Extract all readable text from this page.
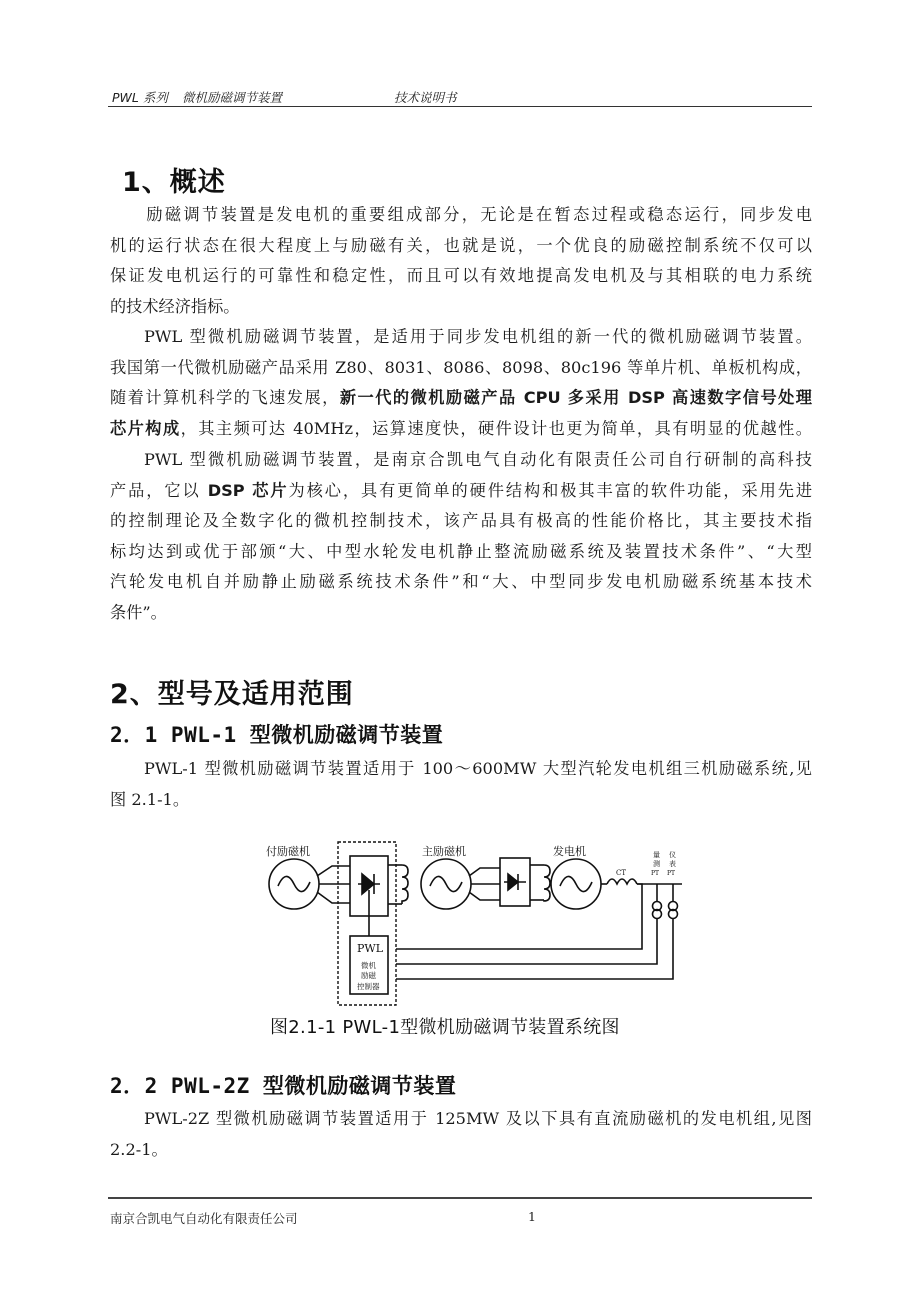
PWL 系列 微机励磁调节装置	技术说明书
1、概述
励磁调节装置是发电机的重要组成部分，无论是在暂态过程或稳态运行，同步发电
机的运行状态在很大程度上与励磁有关，也就是说，一个优良的励磁控制系统不仅可以
保证发电机运行的可靠性和稳定性，而且可以有效地提高发电机及与其相联的电力系统
的技术经济指标。
PWL 型微机励磁调节装置，是适用于同步发电机组的新一代的微机励磁调节装置。
我国第一代微机励磁产品采用 Z80、8031、8086、8098、80c196 等单片机、单板机构成，
随着计算机科学的飞速发展，新一代的微机励磁产品 CPU 多采用 DSP 高速数字信号处理
芯片构成，其主频可达 40MHz，运算速度快，硬件设计也更为简单，具有明显的优越性。
PWL 型微机励磁调节装置，是南京合凯电气自动化有限责任公司自行研制的高科技
产品，它以 DSP 芯片为核心，具有更简单的硬件结构和极其丰富的软件功能，采用先进
的控制理论及全数字化的微机控制技术，该产品具有极高的性能价格比，其主要技术指
标均达到或优于部颁“大、中型水轮发电机静止整流励磁系统及装置技术条件”、“大型
汽轮发电机自并励静止励磁系统技术条件”和“大、中型同步发电机励磁系统基本技术
条件”。
2、型号及适用范围
2．1 PWL-1 型微机励磁调节装置
PWL-1 型微机励磁调节装置适用于 100～600MW 大型汽轮发电机组三机励磁系统,见
图 2.1-1。
付励磁机	主励磁机	发电机
CT
量
测
PT
仪
表
PT
PWL
微机
励磁
控制器
图2.1-1 PWL-1型微机励磁调节装置系统图
2．2 PWL-2Z 型微机励磁调节装置
PWL-2Z 型微机励磁调节装置适用于 125MW 及以下具有直流励磁机的发电机组,见图
2.2-1。
南京合凯电气自动化有限责任公司	1
